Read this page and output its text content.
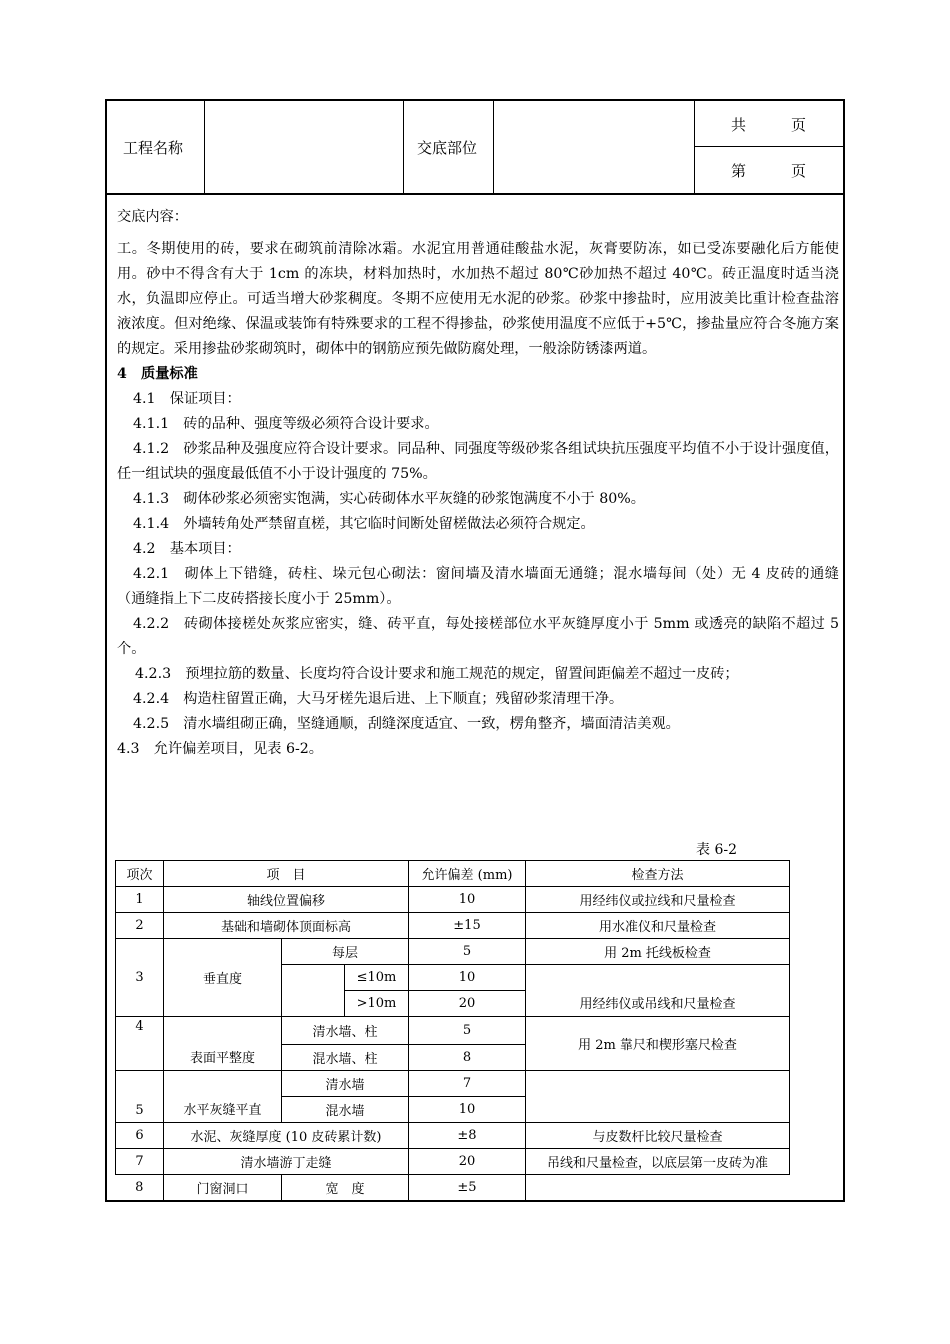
工程名称	交底部位
共　　　页
第　　　页

交底内容：

工。冬期使用的砖，要求在砌筑前清除冰霜。水泥宜用普通硅酸盐水泥，灰膏要防冻，如已受冻要融化后方能使用。砂中不得含有大于 1cm 的冻块，材料加热时，水加热不超过 80℃砂加热不超过 40℃。砖正温度时适当浇水，负温即应停止。可适当增大砂浆稠度。冬期不应使用无水泥的砂浆。砂浆中掺盐时，应用波美比重计检查盐溶液浓度。但对绝缘、保温或装饰有特殊要求的工程不得掺盐，砂浆使用温度不应低于+5℃，掺盐量应符合冬施方案的规定。采用掺盐砂浆砌筑时，砌体中的钢筋应预先做防腐处理，一般涂防锈漆两道。

4　质量标准

4.1　保证项目：

4.1.1　砖的品种、强度等级必须符合设计要求。

4.1.2　砂浆品种及强度应符合设计要求。同品种、同强度等级砂浆各组试块抗压强度平均值不小于设计强度值，任一组试块的强度最低值不小于设计强度的 75%。

4.1.3　砌体砂浆必须密实饱满，实心砖砌体水平灰缝的砂浆饱满度不小于 80%。

4.1.4　外墙转角处严禁留直槎，其它临时间断处留槎做法必须符合规定。

4.2　基本项目：

4.2.1　砌体上下错缝，砖柱、垛元包心砌法：窗间墙及清水墙面无通缝；混水墙每间（处）无 4 皮砖的通缝（通缝指上下二皮砖搭接长度小于 25mm）。

4.2.2　砖砌体接槎处灰浆应密实，缝、砖平直，每处接槎部位水平灰缝厚度小于 5mm 或透亮的缺陷不超过 5 个。

4.2.3　预埋拉筋的数量、长度均符合设计要求和施工规范的规定，留置间距偏差不超过一皮砖；

4.2.4　构造柱留置正确，大马牙槎先退后进、上下顺直；残留砂浆清理干净。

4.2.5　清水墙组砌正确，坚缝通顺，刮缝深度适宜、一致，楞角整齐，墙面清洁美观。

4.3　允许偏差项目，见表 6-2。

表 6-2
项次	项　目			允许偏差 (mm)	检查方法
1	轴线位置偏移			10	用经纬仪或拉线和尺量检查
2	基础和墙砌体顶面标高			±15	用水准仪和尺量检查
3	垂直度	每层		5	用 2m 托线板检查
			≤10m	10	用经纬仪或吊线和尺量检查
			>10m	20	
4	表面平整度	清水墙、柱		5	用 2m 靠尺和楔形塞尺检查
		混水墙、柱		8	
5	水平灰缝平直	清水墙		7	
		混水墙		10	
6	水泥、灰缝厚度 (10 皮砖累计数)			±8	与皮数杆比较尺量检查
7	清水墙游丁走缝			20	吊线和尺量检查，以底层第一皮砖为准
8	门窗洞口	宽　度		±5	
